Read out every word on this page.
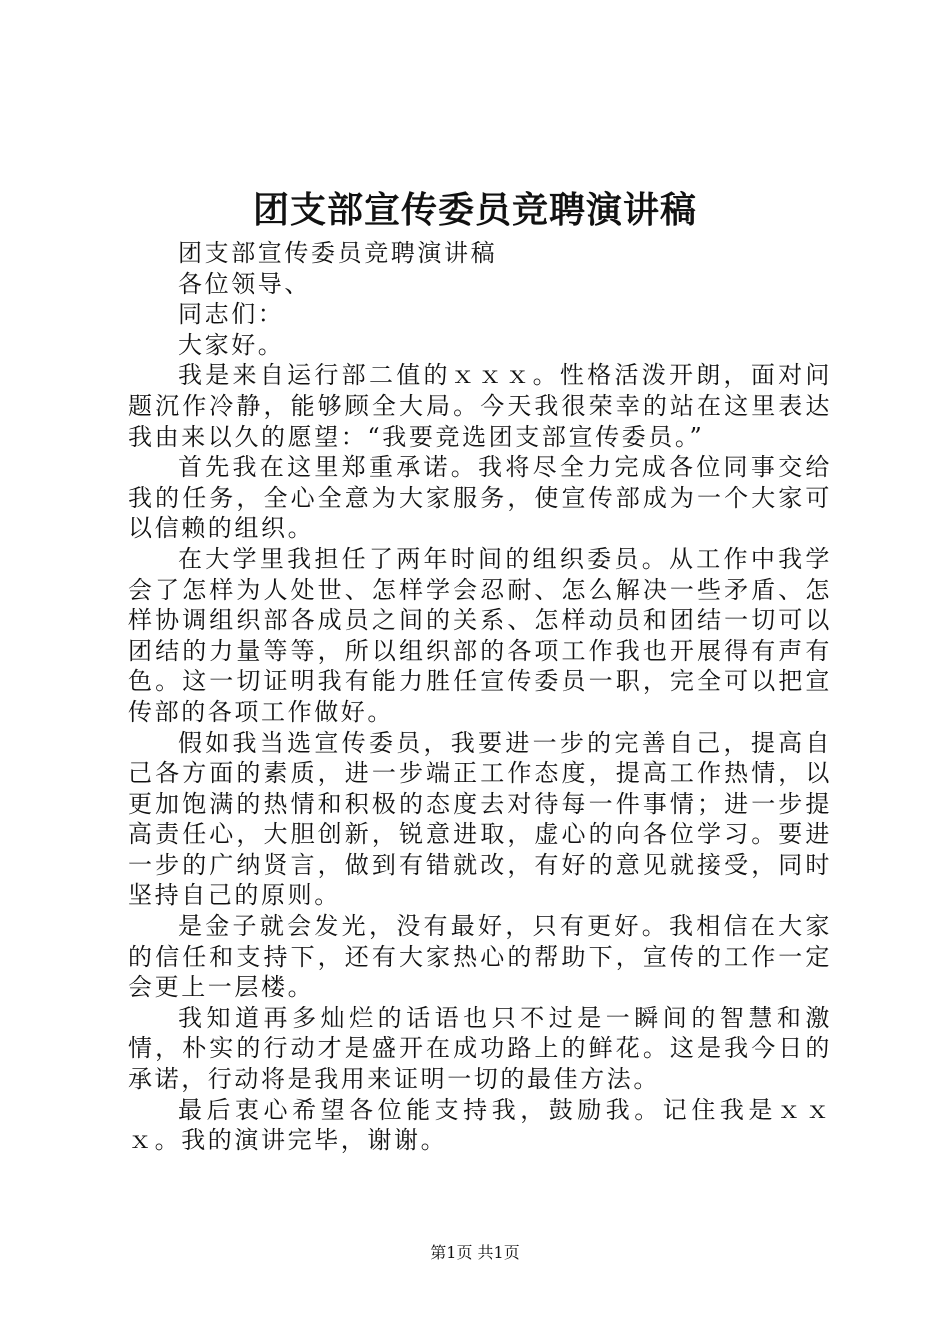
团支部宣传委员竞聘演讲稿

团支部宣传委员竞聘演讲稿

各位领导、

同志们：

大家好。

我是来自运行部二值的ｘｘｘ。性格活泼开朗，面对问题沉作冷静，能够顾全大局。今天我很荣幸的站在这里表达我由来以久的愿望：“我要竞选团支部宣传委员。”

首先我在这里郑重承诺。我将尽全力完成各位同事交给我的任务，全心全意为大家服务，使宣传部成为一个大家可以信赖的组织。

在大学里我担任了两年时间的组织委员。从工作中我学会了怎样为人处世、怎样学会忍耐、怎么解决一些矛盾、怎样协调组织部各成员之间的关系、怎样动员和团结一切可以团结的力量等等，所以组织部的各项工作我也开展得有声有色。这一切证明我有能力胜任宣传委员一职，完全可以把宣传部的各项工作做好。

假如我当选宣传委员，我要进一步的完善自己，提高自己各方面的素质，进一步端正工作态度，提高工作热情，以更加饱满的热情和积极的态度去对待每一件事情；进一步提高责任心，大胆创新，锐意进取，虚心的向各位学习。要进一步的广纳贤言，做到有错就改，有好的意见就接受，同时坚持自己的原则。

是金子就会发光，没有最好，只有更好。我相信在大家的信任和支持下，还有大家热心的帮助下，宣传的工作一定会更上一层楼。

我知道再多灿烂的话语也只不过是一瞬间的智慧和激情，朴实的行动才是盛开在成功路上的鲜花。这是我今日的承诺，行动将是我用来证明一切的最佳方法。

最后衷心希望各位能支持我，鼓励我。记住我是ｘｘｘ。我的演讲完毕，谢谢。

第1页 共1页
